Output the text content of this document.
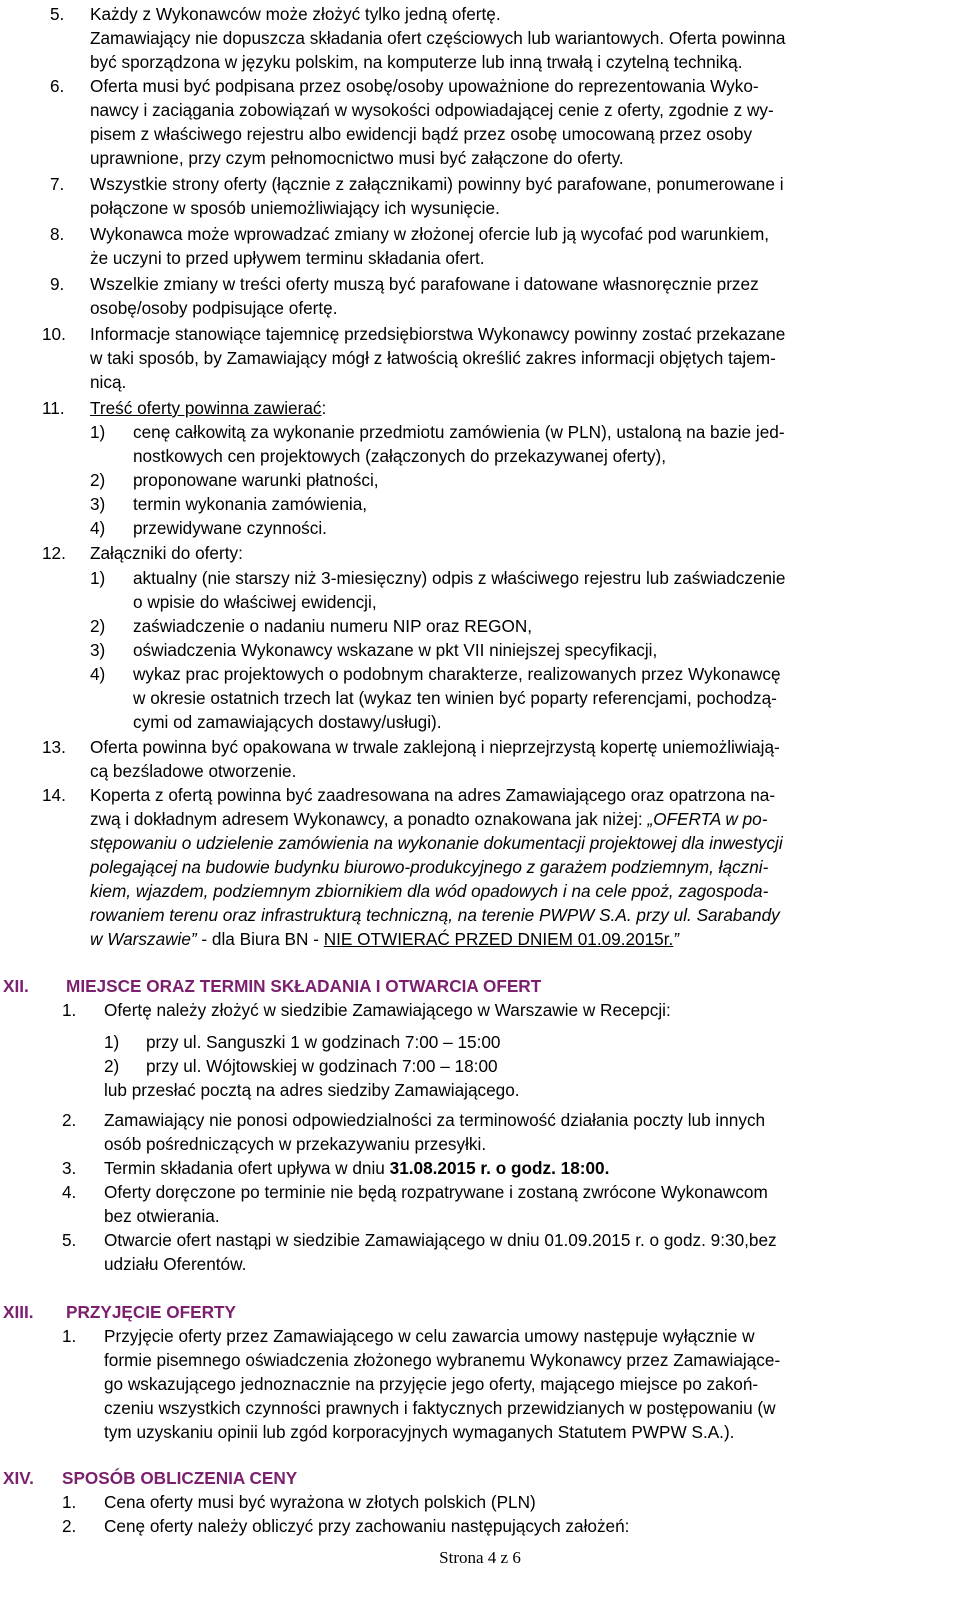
5. Każdy z Wykonawców może złożyć tylko jedną ofertę.
Zamawiający nie dopuszcza składania ofert częściowych lub wariantowych. Oferta powinna
być sporządzona w języku polskim, na komputerze lub inną trwałą i czytelną techniką.
6. Oferta musi być podpisana przez osobę/osoby upoważnione do reprezentowania Wyko-
nawcy i zaciągania zobowiązań w wysokości odpowiadającej cenie z oferty, zgodnie z wy-
pisem z właściwego rejestru albo ewidencji bądź przez osobę umocowaną przez osoby
uprawnione, przy czym pełnomocnictwo musi być załączone do oferty.
7. Wszystkie strony oferty (łącznie z załącznikami) powinny być parafowane, ponumerowane i
połączone w sposób uniemożliwiający ich wysunięcie.
8. Wykonawca może wprowadzać zmiany w złożonej ofercie lub ją wycofać pod warunkiem,
że uczyni to przed upływem terminu składania ofert.
9. Wszelkie zmiany w treści oferty muszą być parafowane i datowane własnoręcznie przez
osobę/osoby podpisujące ofertę.
10. Informacje stanowiące tajemnicę przedsiębiorstwa Wykonawcy powinny zostać przekazane
w taki sposób, by Zamawiający mógł z łatwością określić zakres informacji objętych tajem-
nicą.
11. Treść oferty powinna zawierać:
1) cenę całkowitą za wykonanie przedmiotu zamówienia (w PLN), ustaloną na bazie jed-
nostkowych cen projektowych (załączonych do przekazywanej oferty),
2) proponowane warunki płatności,
3) termin wykonania zamówienia,
4) przewidywane czynności.
12. Załączniki do oferty:
1) aktualny (nie starszy niż 3-miesięczny) odpis z właściwego rejestru lub zaświadczenie
o wpisie do właściwej ewidencji,
2) zaświadczenie o nadaniu numeru NIP oraz REGON,
3) oświadczenia Wykonawcy wskazane w pkt VII niniejszej specyfikacji,
4) wykaz prac projektowych o podobnym charakterze, realizowanych przez Wykonawcę
w okresie ostatnich trzech lat (wykaz ten winien być poparty referencjami, pochodzą-
cymi od zamawiających dostawy/usługi).
13. Oferta powinna być opakowana w trwale zaklejoną i nieprzejrzystą kopertę uniemożliwiają-
cą bezśladowe otworzenie.
14. Koperta z ofertą powinna być zaadresowana na adres Zamawiającego oraz opatrzona na-
zwą i dokładnym adresem Wykonawcy, a ponadto oznakowana jak niżej: „OFERTA w po-
stępowaniu o udzielenie zamówienia na wykonanie dokumentacji projektowej dla inwestycji
polegającej na budowie budynku biurowo-produkcyjnego z garażem podziemnym, łączni-
kiem, wjazdem, podziemnym zbiornikiem dla wód opadowych i na cele ppoż, zagospoda-
rowaniem terenu oraz infrastrukturą techniczną, na terenie PWPW S.A. przy ul. Sarabandy
w Warszawie” - dla Biura BN - NIE OTWIERAĆ PRZED DNIEM 01.09.2015r.”
XII. MIEJSCE ORAZ TERMIN SKŁADANIA I OTWARCIA OFERT
1. Ofertę należy złożyć w siedzibie Zamawiającego w Warszawie w Recepcji:
1) przy ul. Sanguszki 1 w godzinach 7:00 – 15:00
2) przy ul. Wójtowskiej w godzinach 7:00 – 18:00
lub przesłać pocztą na adres siedziby Zamawiającego.
2. Zamawiający nie ponosi odpowiedzialności za terminowość działania poczty lub innych
osób pośredniczących w przekazywaniu przesyłki.
3. Termin składania ofert upływa w dniu 31.08.2015 r. o godz. 18:00.
4. Oferty doręczone po terminie nie będą rozpatrywane i zostaną zwrócone Wykonawcom
bez otwierania.
5. Otwarcie ofert nastąpi w siedzibie Zamawiającego w dniu 01.09.2015 r. o godz. 9:30,bez
udziału Oferentów.
XIII. PRZYJĘCIE OFERTY
1. Przyjęcie oferty przez Zamawiającego w celu zawarcia umowy następuje wyłącznie w
formie pisemnego oświadczenia złożonego wybranemu Wykonawcy przez Zamawiające-
go wskazującego jednoznacznie na przyjęcie jego oferty, mającego miejsce po zakoń-
czeniu wszystkich czynności prawnych i faktycznych przewidzianych w postępowaniu (w
tym uzyskaniu opinii lub zgód korporacyjnych wymaganych Statutem PWPW S.A.).
XIV. SPOSÓB OBLICZENIA CENY
1. Cena oferty musi być wyrażona w złotych polskich (PLN)
2. Cenę oferty należy obliczyć przy zachowaniu następujących założeń:
Strona 4 z 6
